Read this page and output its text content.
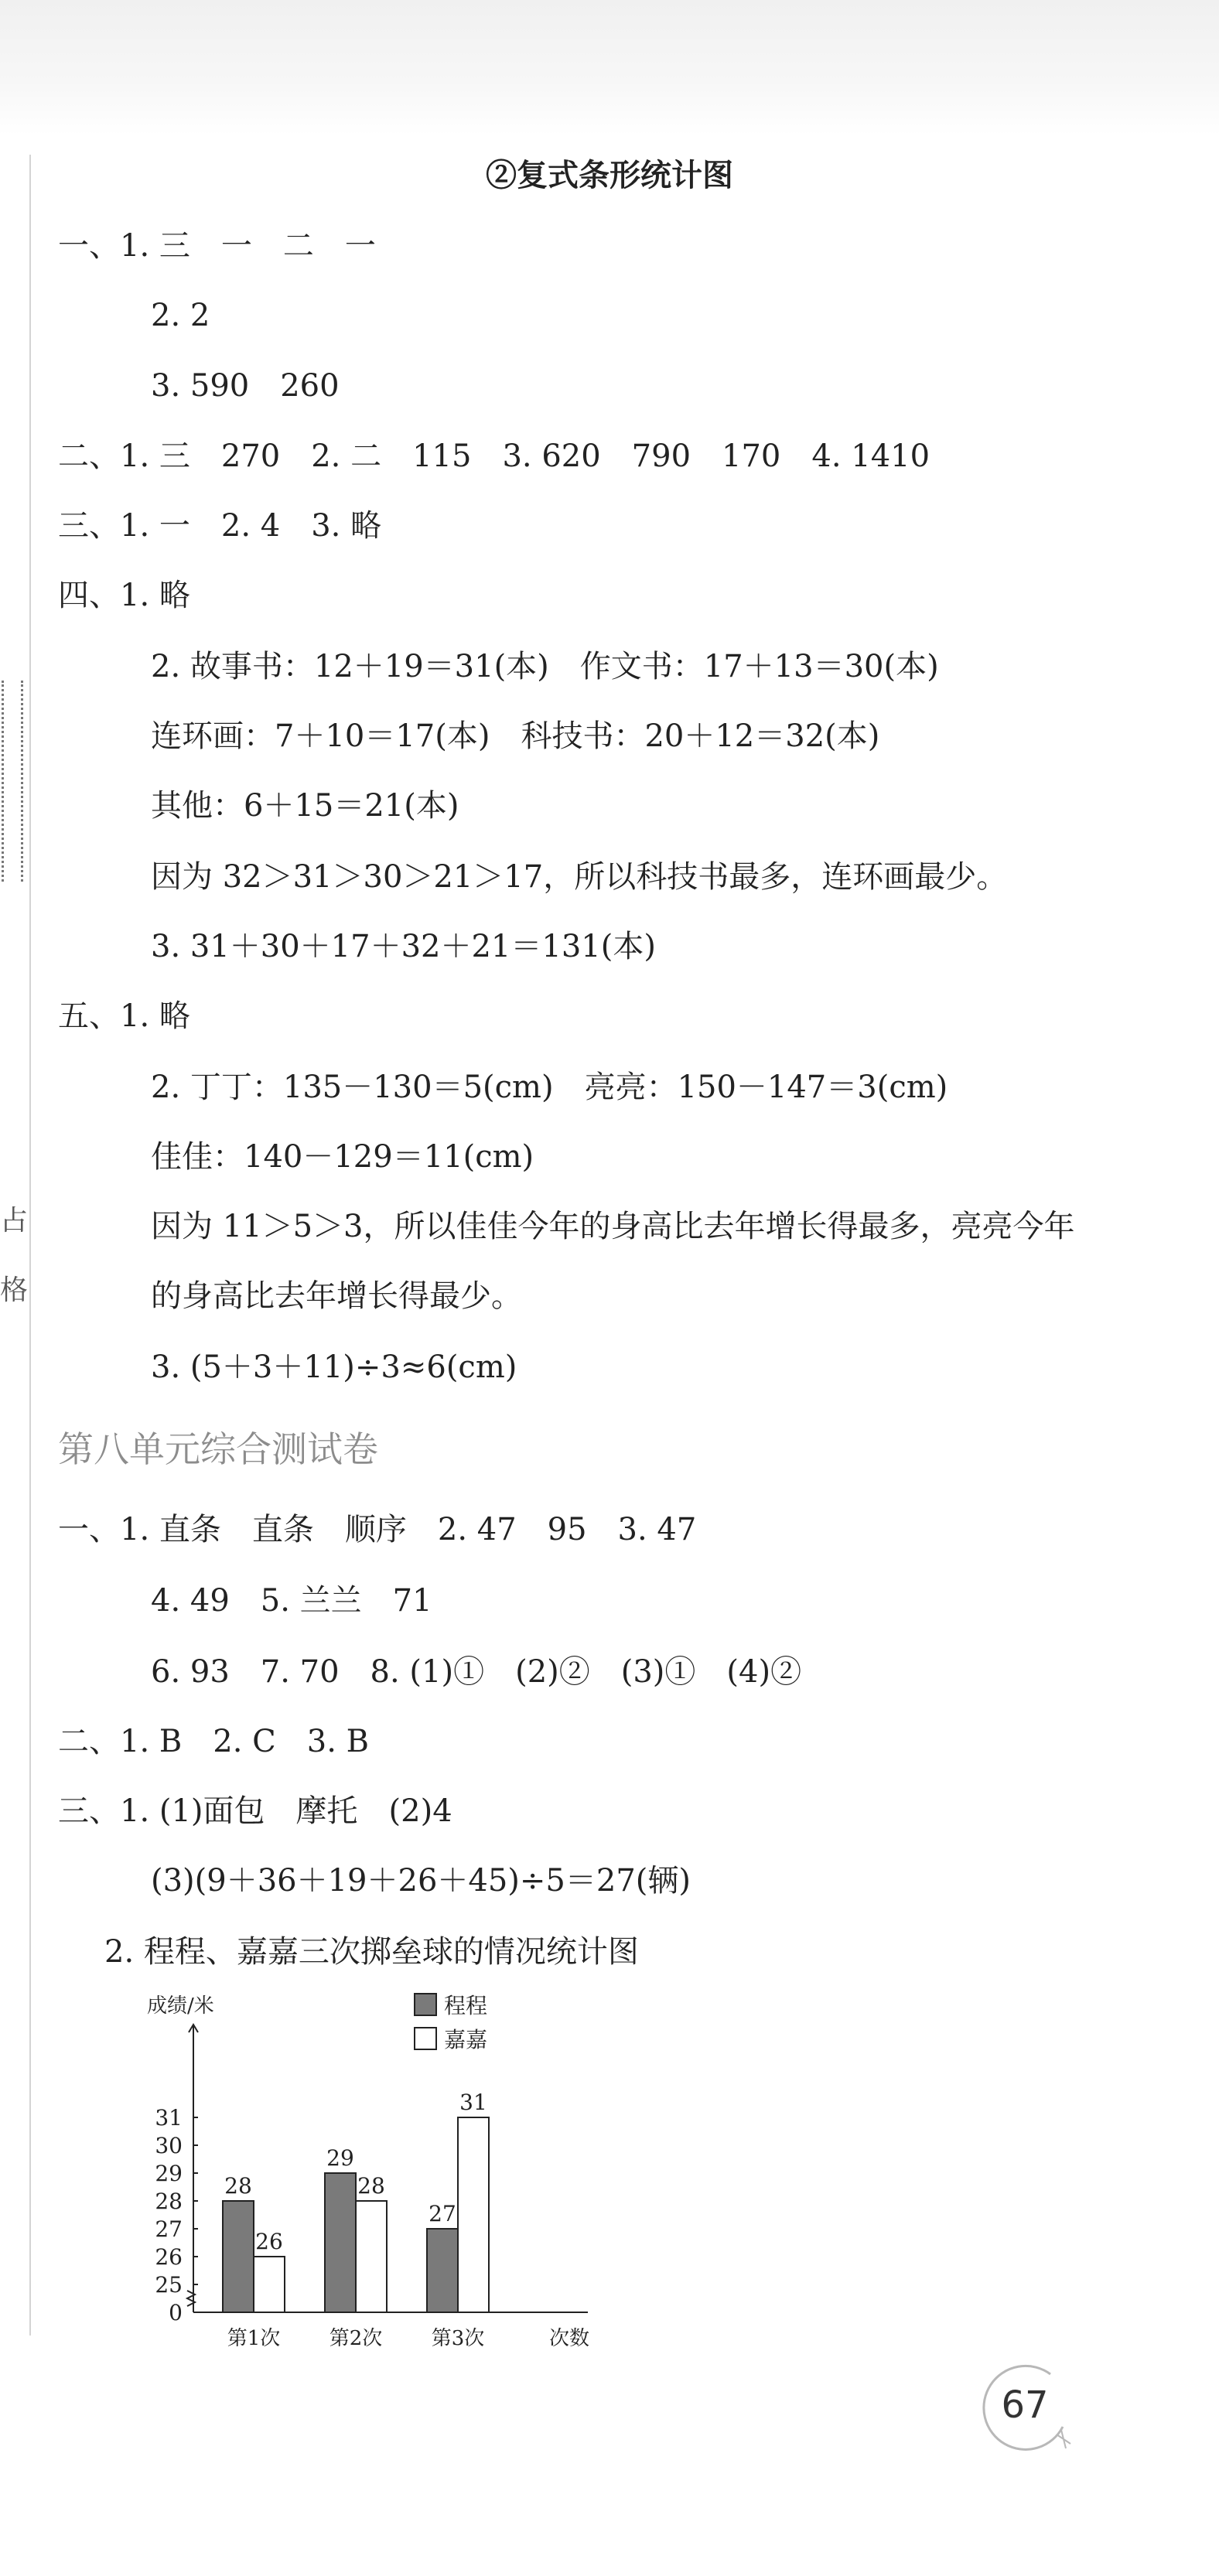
占
格
②复式条形统计图
一、1. 三　一　二　一
2. 2
3. 590　260
二、1. 三　270　2. 二　115　3. 620　790　170　4. 1410
三、1. 一　2. 4　3. 略
四、1. 略
2. 故事书：12＋19＝31(本)　作文书：17＋13＝30(本)
连环画：7＋10＝17(本)　科技书：20＋12＝32(本)
其他：6＋15＝21(本)
因为 32＞31＞30＞21＞17，所以科技书最多，连环画最少。
3. 31＋30＋17＋32＋21＝131(本)
五、1. 略
2. 丁丁：135－130＝5(cm)　亮亮：150－147＝3(cm)
佳佳：140－129＝11(cm)
因为 11＞5＞3，所以佳佳今年的身高比去年增长得最多，亮亮今年
的身高比去年增长得最少。
3. (5＋3＋11)÷3≈6(cm)
第八单元综合测试卷
一、1. 直条　直条　顺序　2. 47　95　3. 47
4. 49　5. 兰兰　71
6. 93　7. 70　8. (1)①　(2)②　(3)①　(4)②
二、1. B　2. C　3. B
三、1. (1)面包　摩托　(2)4
(3)(9＋36＋19＋26＋45)÷5＝27(辆)
2. 程程、嘉嘉三次掷垒球的情况统计图
0
25
26
27
28
29
30
31
成绩/米
次数
程程
嘉嘉
28
26
第1次
29
28
第2次
27
31
第3次
67
